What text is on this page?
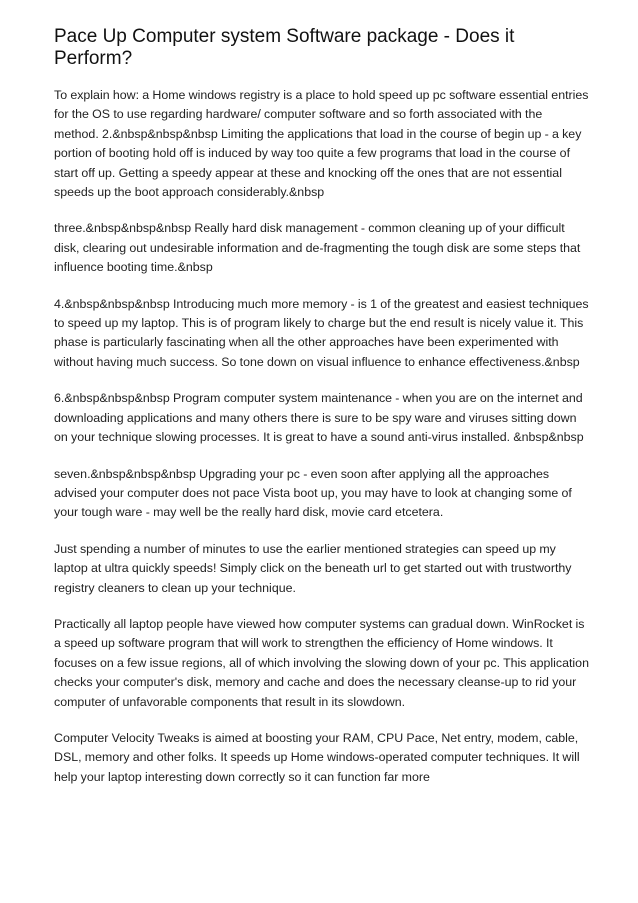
Pace Up Computer system Software package - Does it Perform?

To explain how: a Home windows registry is a place to hold speed up pc software essential entries for the OS to use regarding hardware/ computer software and so forth associated with the method. 2.&nbsp&nbsp&nbsp Limiting the applications that load in the course of begin up - a key portion of booting hold off is induced by way too quite a few programs that load in the course of start off up. Getting a speedy appear at these and knocking off the ones that are not essential speeds up the boot approach considerably.&nbsp

three.&nbsp&nbsp&nbsp Really hard disk management - common cleaning up of your difficult disk, clearing out undesirable information and de-fragmenting the tough disk are some steps that influence booting time.&nbsp

4.&nbsp&nbsp&nbsp Introducing much more memory - is 1 of the greatest and easiest techniques to speed up my laptop. This is of program likely to charge but the end result is nicely value it. This phase is particularly fascinating when all the other approaches have been experimented with without having much success. So tone down on visual influence to enhance effectiveness.&nbsp

6.&nbsp&nbsp&nbsp Program computer system maintenance - when you are on the internet and downloading applications and many others there is sure to be spy ware and viruses sitting down on your technique slowing processes. It is great to have a sound anti-virus installed. &nbsp&nbsp

seven.&nbsp&nbsp&nbsp Upgrading your pc - even soon after applying all the approaches advised your computer does not pace Vista boot up, you may have to look at changing some of your tough ware - may well be the really hard disk, movie card etcetera.

Just spending a number of minutes to use the earlier mentioned strategies can speed up my laptop at ultra quickly speeds! Simply click on the beneath url to get started out with trustworthy registry cleaners to clean up your technique.

Practically all laptop people have viewed how computer systems can gradual down. WinRocket is a speed up software program that will work to strengthen the efficiency of Home windows. It focuses on a few issue regions, all of which involving the slowing down of your pc. This application checks your computer's disk, memory and cache and does the necessary cleanse-up to rid your computer of unfavorable components that result in its slowdown.

Computer Velocity Tweaks is aimed at boosting your RAM, CPU Pace, Net entry, modem, cable, DSL, memory and other folks. It speeds up Home windows-operated computer techniques. It will help your laptop interesting down correctly so it can function far more
